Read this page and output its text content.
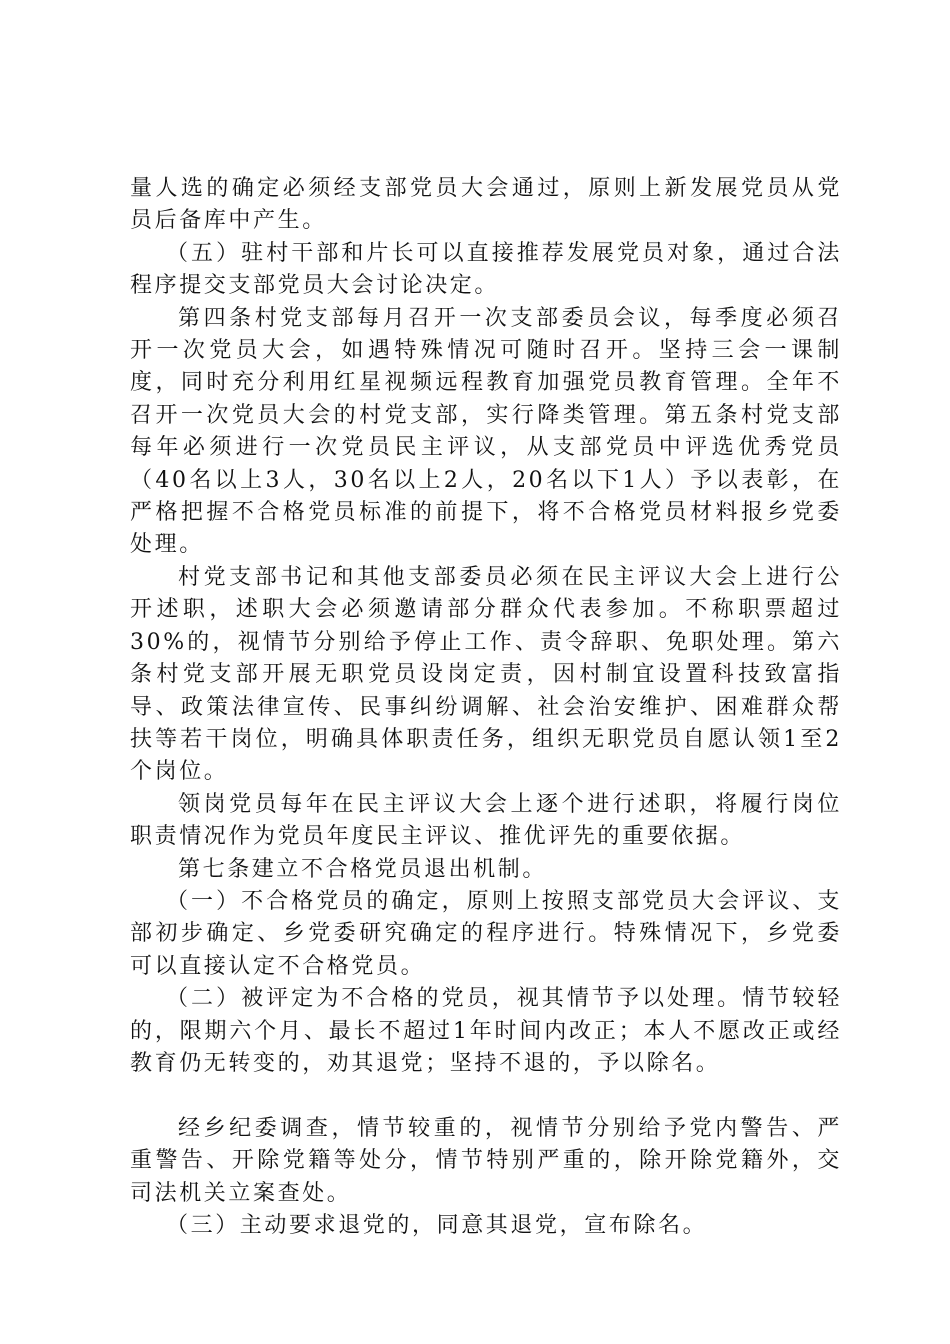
量人选的确定必须经支部党员大会通过，原则上新发展党员从党员后备库中产生。

（五）驻村干部和片长可以直接推荐发展党员对象，通过合法程序提交支部党员大会讨论决定。

第四条村党支部每月召开一次支部委员会议，每季度必须召开一次党员大会，如遇特殊情况可随时召开。坚持三会一课制度，同时充分利用红星视频远程教育加强党员教育管理。全年不召开一次党员大会的村党支部，实行降类管理。第五条村党支部每年必须进行一次党员民主评议，从支部党员中评选优秀党员（40名以上3人，30名以上2人，20名以下1人）予以表彰，在严格把握不合格党员标准的前提下，将不合格党员材料报乡党委处理。

村党支部书记和其他支部委员必须在民主评议大会上进行公开述职，述职大会必须邀请部分群众代表参加。不称职票超过30%的，视情节分别给予停止工作、责令辞职、免职处理。第六条村党支部开展无职党员设岗定责，因村制宜设置科技致富指导、政策法律宣传、民事纠纷调解、社会治安维护、困难群众帮扶等若干岗位，明确具体职责任务，组织无职党员自愿认领1至2个岗位。

领岗党员每年在民主评议大会上逐个进行述职，将履行岗位职责情况作为党员年度民主评议、推优评先的重要依据。

第七条建立不合格党员退出机制。

（一）不合格党员的确定，原则上按照支部党员大会评议、支部初步确定、乡党委研究确定的程序进行。特殊情况下，乡党委可以直接认定不合格党员。

（二）被评定为不合格的党员，视其情节予以处理。情节较轻的，限期六个月、最长不超过1年时间内改正；本人不愿改正或经教育仍无转变的，劝其退党；坚持不退的，予以除名。

经乡纪委调查，情节较重的，视情节分别给予党内警告、严重警告、开除党籍等处分，情节特别严重的，除开除党籍外，交司法机关立案查处。

（三）主动要求退党的，同意其退党，宣布除名。
